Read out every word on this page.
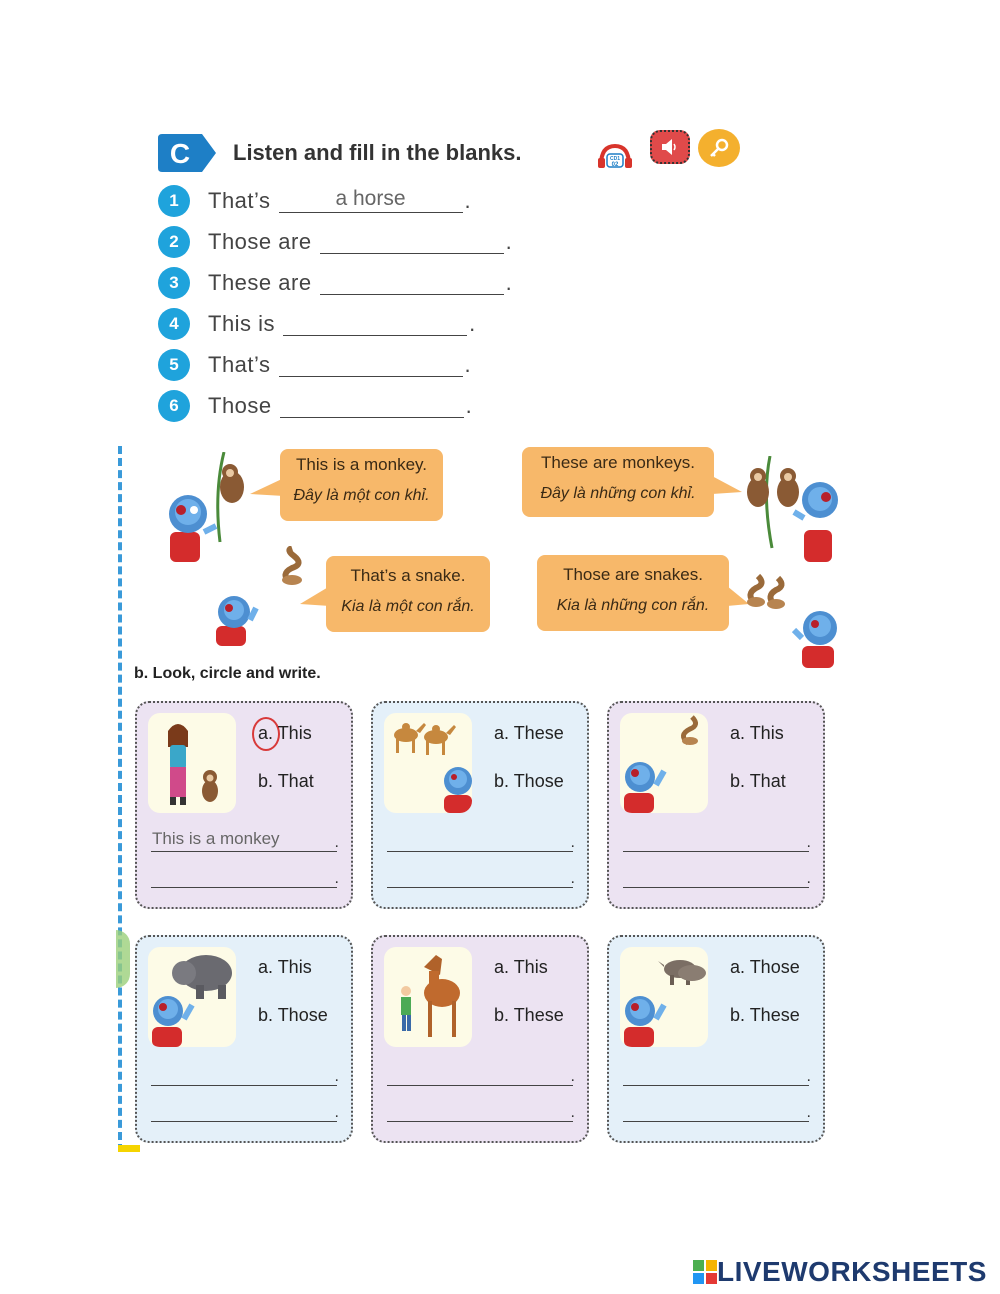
C Listen and fill in the blanks.	CD1
02
1	That’s	a horse	.
2	Those are	.
3	These are	.
4	This is	.
5	That’s	.
6	Those	.
This is a monkey.
Đây là một con khỉ.
These are monkeys.
Đây là những con khỉ.
That’s a snake.
Kia là một con rắn.
Those are snakes.
Kia là những con rắn.
b. Look, circle and write.
a. This
b. That
This is a monkey	.
.
a. These
b. Those
.
.
a. This
b. That
.
.
a. This
b. Those
.
.
a. This
b. These
.
.
a. Those
b. These
.
.
LIVEWORKSHEETS
